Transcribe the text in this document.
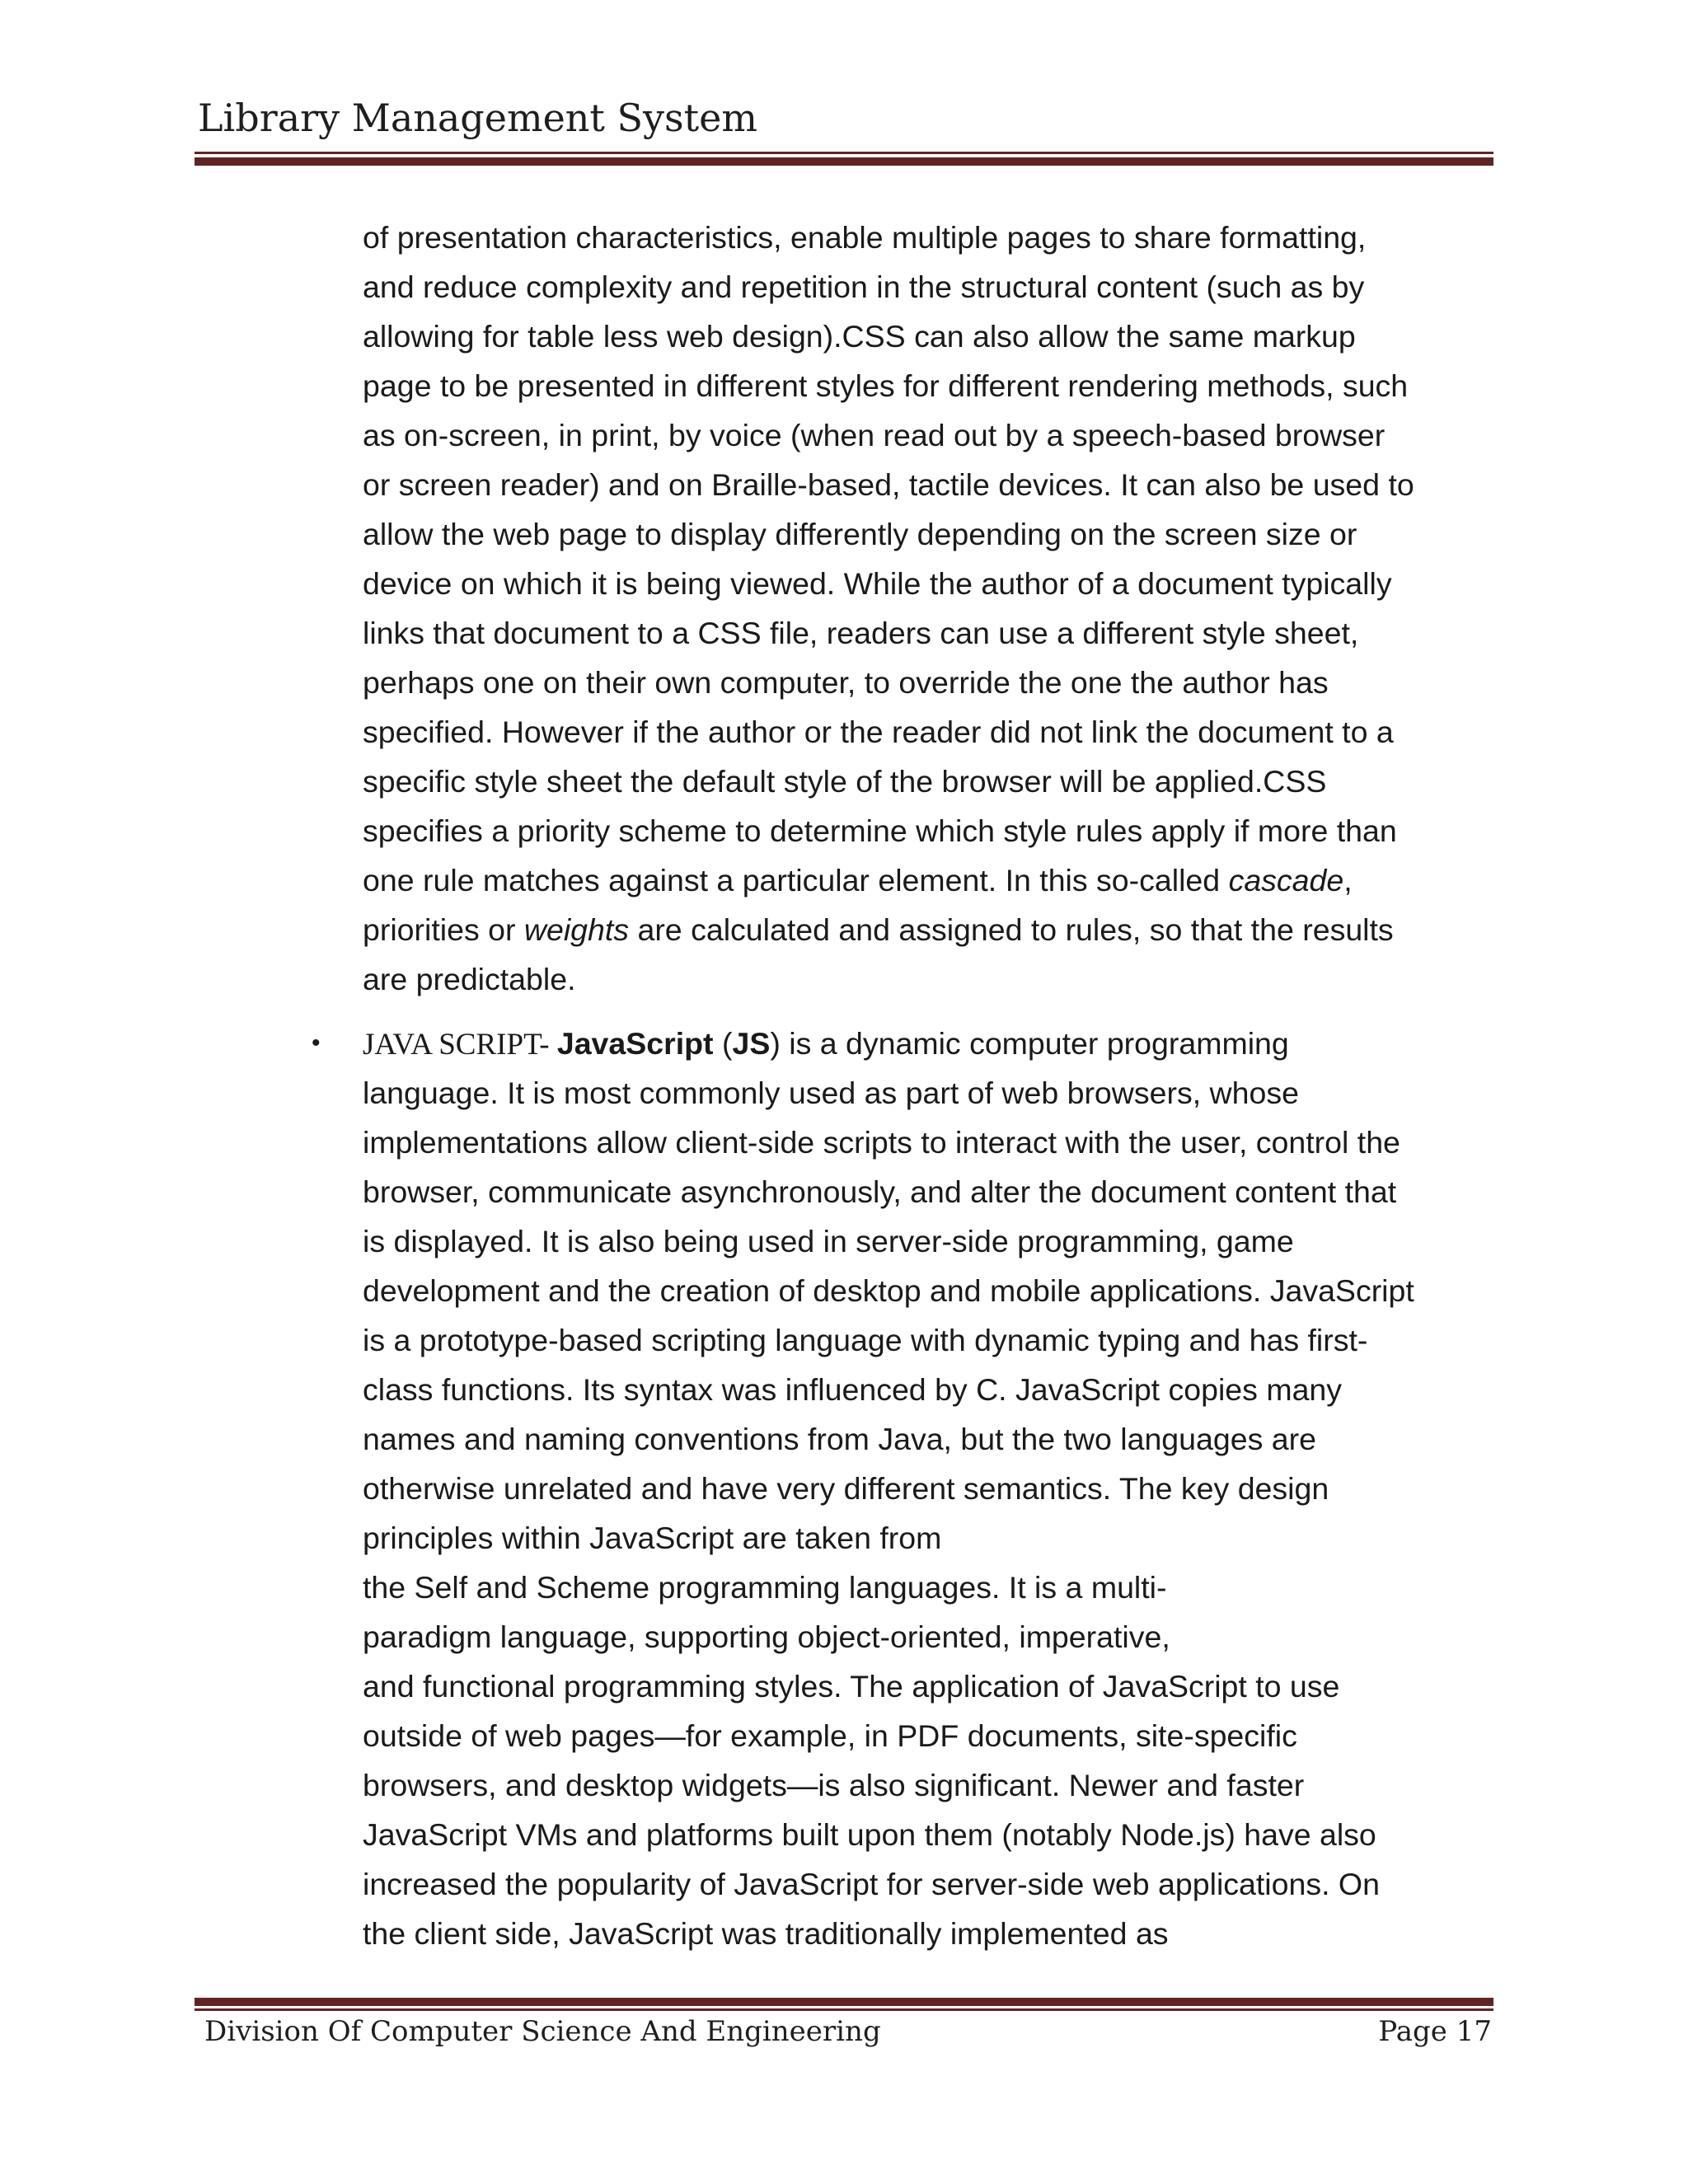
Library Management System
of presentation characteristics, enable multiple pages to share formatting,
and reduce complexity and repetition in the structural content (such as by
allowing for table less web design).CSS can also allow the same markup
page to be presented in different styles for different rendering methods, such
as on-screen, in print, by voice (when read out by a speech-based browser
or screen reader) and on Braille-based, tactile devices. It can also be used to
allow the web page to display differently depending on the screen size or
device on which it is being viewed. While the author of a document typically
links that document to a CSS file, readers can use a different style sheet,
perhaps one on their own computer, to override the one the author has
specified. However if the author or the reader did not link the document to a
specific style sheet the default style of the browser will be applied.CSS
specifies a priority scheme to determine which style rules apply if more than
one rule matches against a particular element. In this so-called cascade,
priorities or weights are calculated and assigned to rules, so that the results
are predictable.
• JAVA SCRIPT- JavaScript (JS) is a dynamic computer programming
language. It is most commonly used as part of web browsers, whose
implementations allow client-side scripts to interact with the user, control the
browser, communicate asynchronously, and alter the document content that
is displayed. It is also being used in server-side programming, game
development and the creation of desktop and mobile applications. JavaScript
is a prototype-based scripting language with dynamic typing and has first-
class functions. Its syntax was influenced by C. JavaScript copies many
names and naming conventions from Java, but the two languages are
otherwise unrelated and have very different semantics. The key design
principles within JavaScript are taken from
the Self and Scheme programming languages. It is a multi-
paradigm language, supporting object-oriented, imperative,
and functional programming styles. The application of JavaScript to use
outside of web pages—for example, in PDF documents, site-specific
browsers, and desktop widgets—is also significant. Newer and faster
JavaScript VMs and platforms built upon them (notably Node.js) have also
increased the popularity of JavaScript for server-side web applications. On
the client side, JavaScript was traditionally implemented as
Division Of Computer Science And Engineering	Page 17
